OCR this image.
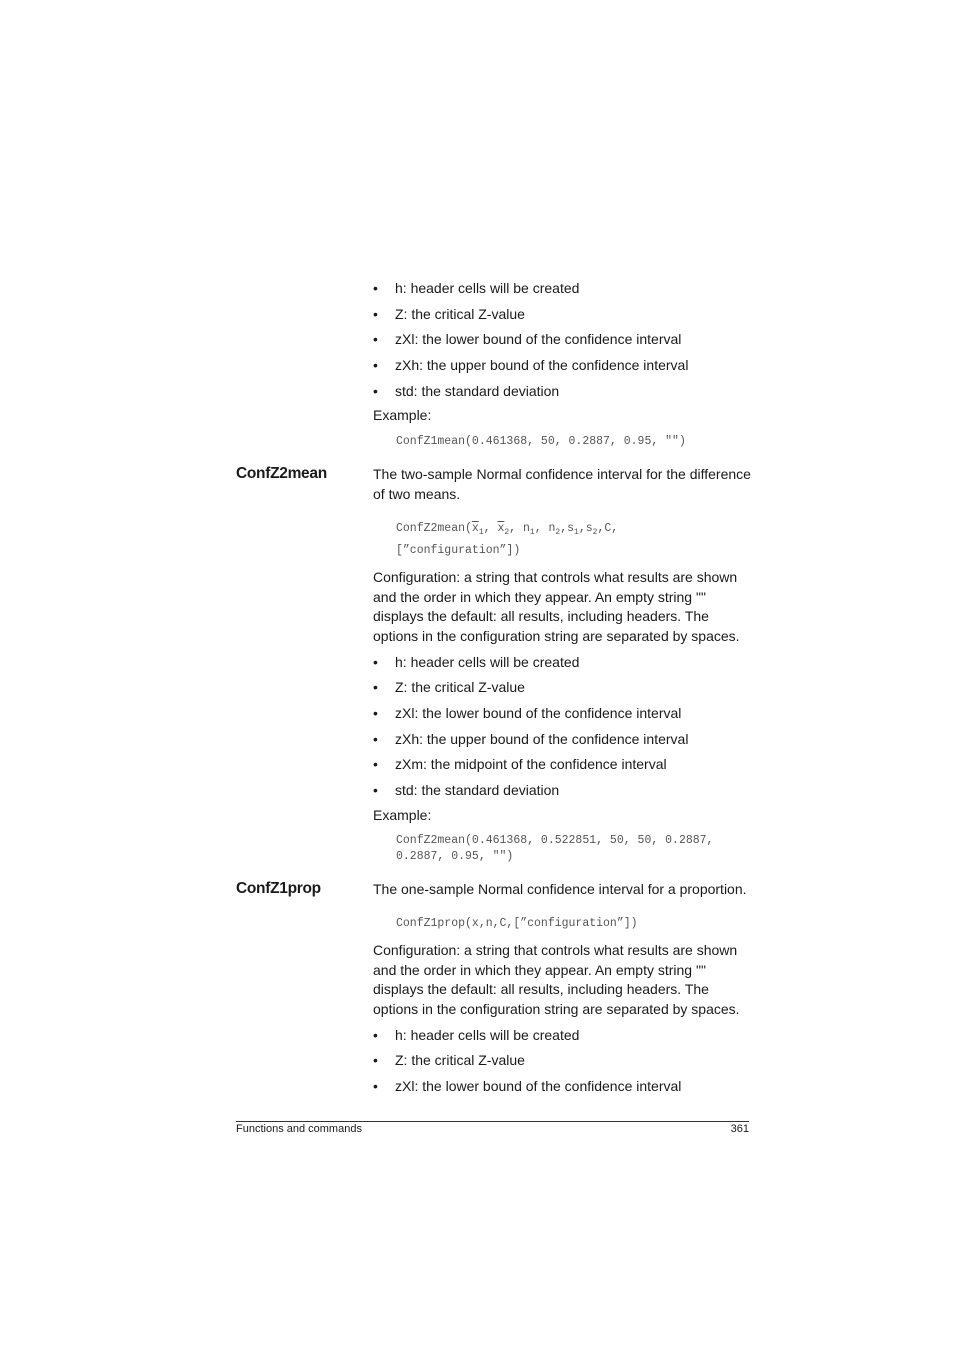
• h: header cells will be created
• Z: the critical Z-value
• zXl: the lower bound of the confidence interval
• zXh: the upper bound of the confidence interval
• std: the standard deviation
Example:
ConfZ1mean(0.461368, 50, 0.2887, 0.95, "")
ConfZ2mean	The two-sample Normal confidence interval for the difference of two means.
$ConfZ2mean(\overline{x}_1$, $\overline{x}_2$, $n_1$, $n_2,s_1,s_2,C$,
[”configuration”])
Configuration: a string that controls what results are shown and the order in which they appear. An empty string "" displays the default: all results, including headers. The options in the configuration string are separated by spaces.
• h: header cells will be created
• Z: the critical Z-value
• zXl: the lower bound of the confidence interval
• zXh: the upper bound of the confidence interval
• zXm: the midpoint of the confidence interval
• std: the standard deviation
Example:
ConfZ2mean(0.461368, 0.522851, 50, 50, 0.2887,
0.2887, 0.95, "")
ConfZ1prop	The one-sample Normal confidence interval for a proportion.
ConfZ1prop(x,n,C,[”configuration”])
Configuration: a string that controls what results are shown and the order in which they appear. An empty string "" displays the default: all results, including headers. The options in the configuration string are separated by spaces.
• h: header cells will be created
• Z: the critical Z-value
• zXl: the lower bound of the confidence interval
Functions and commands	361
